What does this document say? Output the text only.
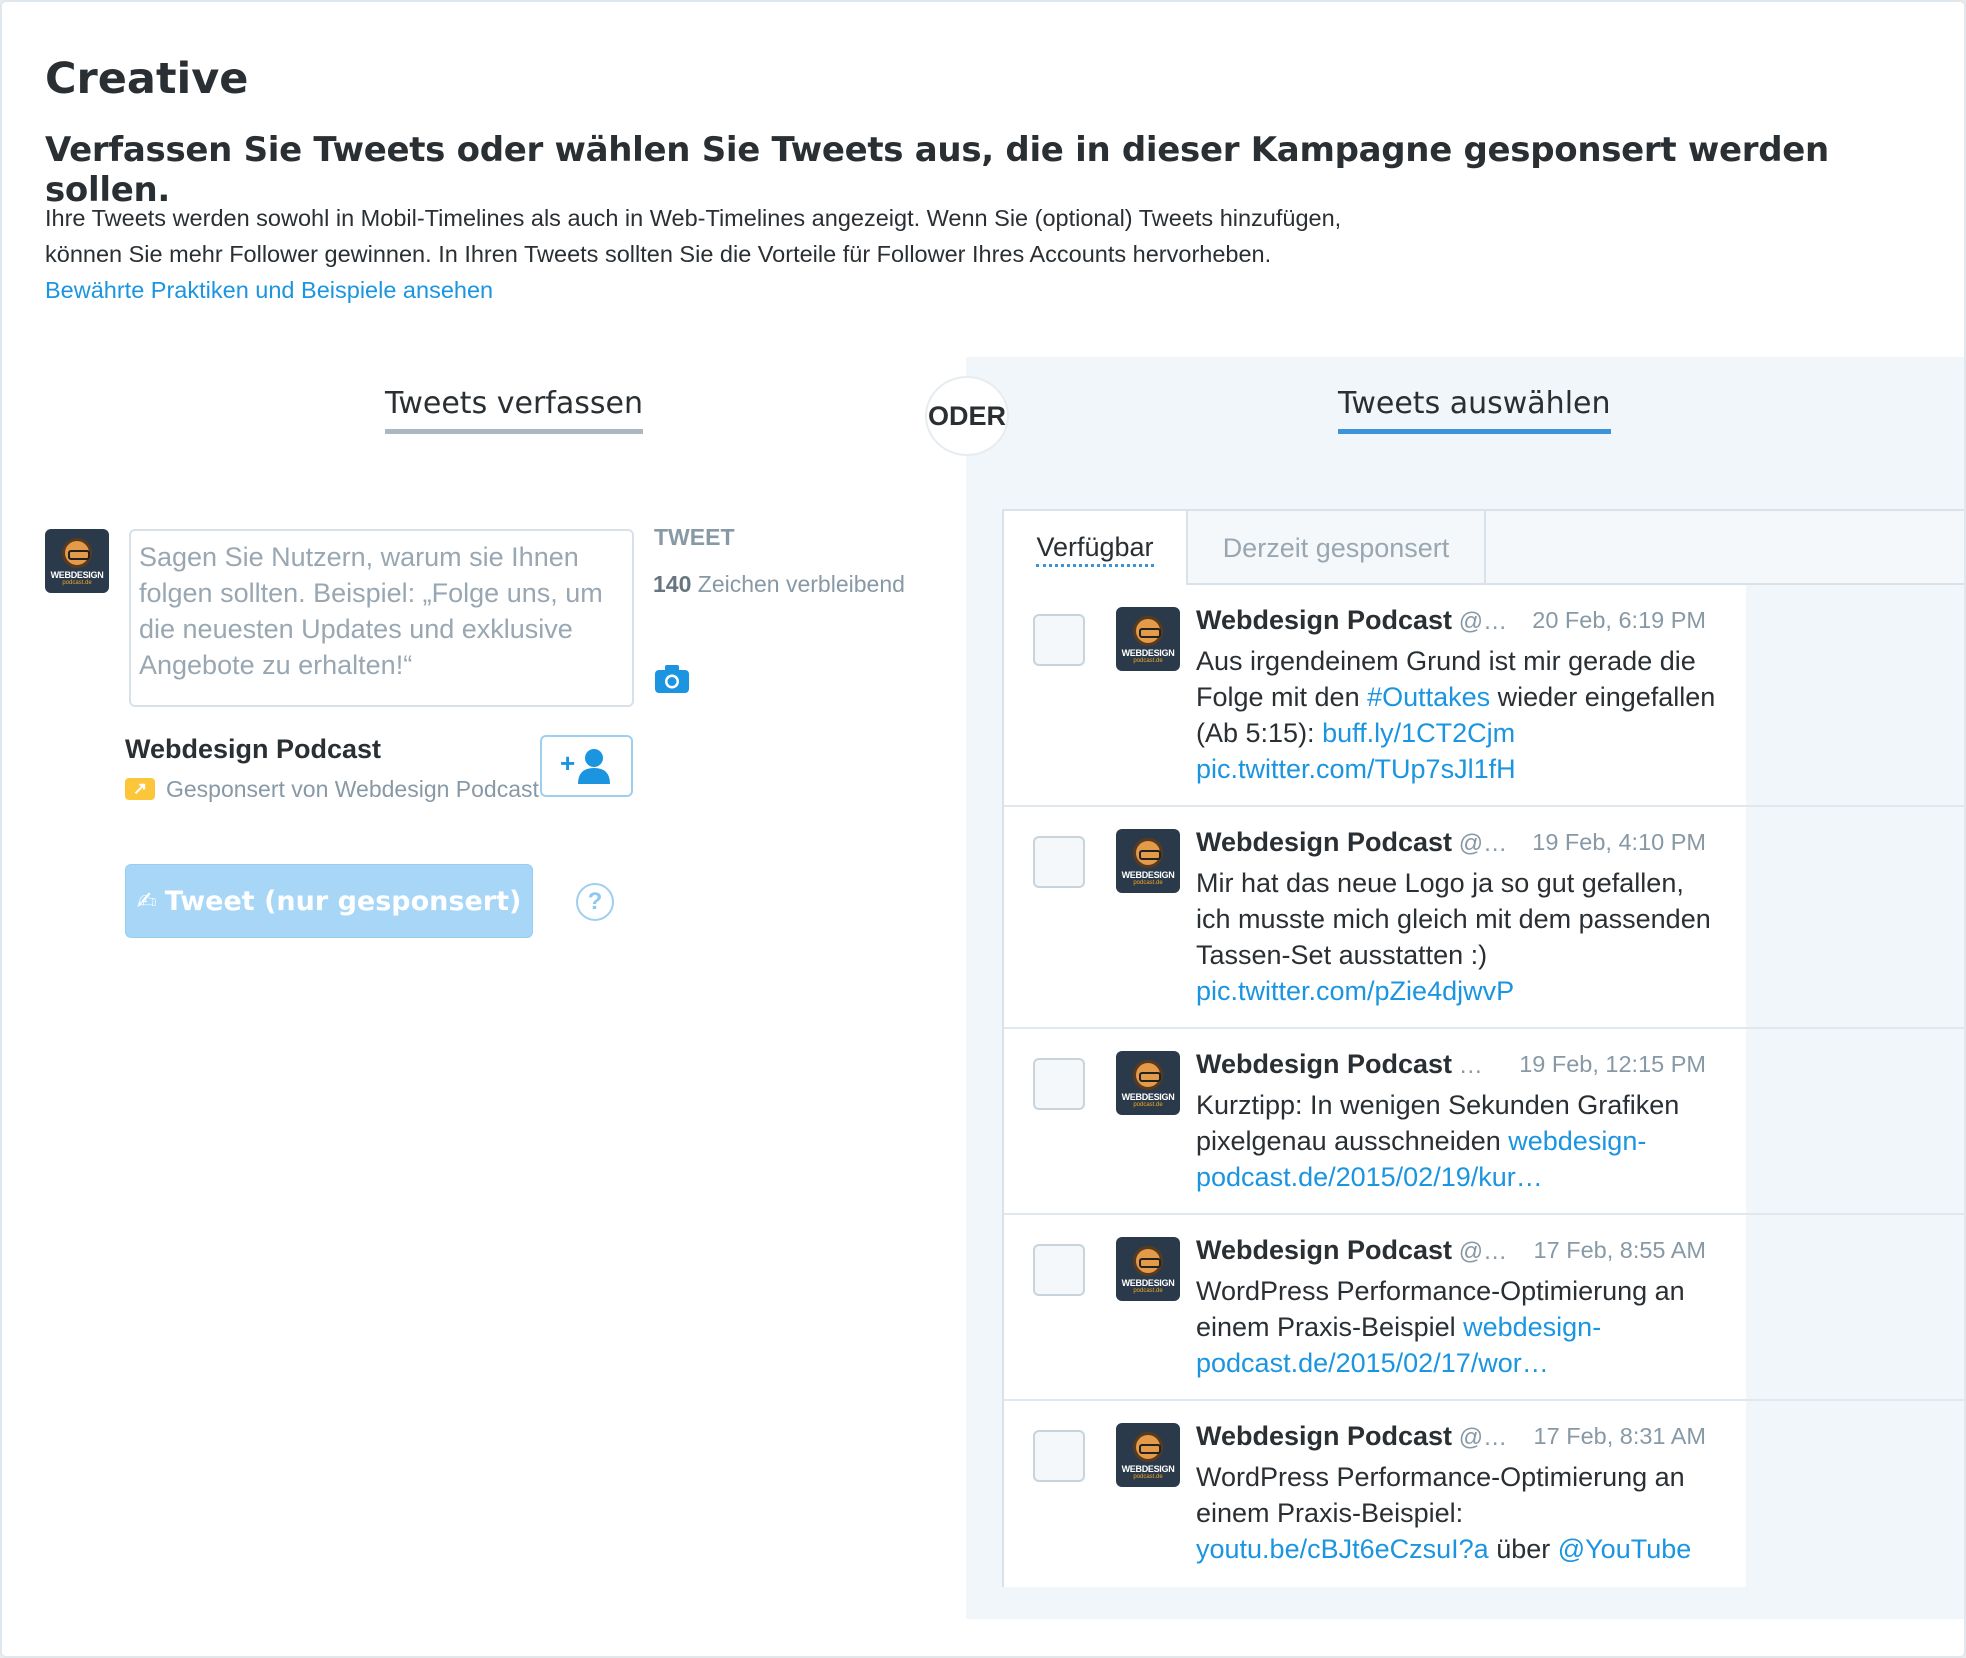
Creative
Verfassen Sie Tweets oder wählen Sie Tweets aus, die in dieser Kampagne gesponsert werden sollen.

Ihre Tweets werden sowohl in Mobil-Timelines als auch in Web-Timelines angezeigt. Wenn Sie (optional) Tweets hinzufügen, können Sie mehr Follower gewinnen. In Ihren Tweets sollten Sie die Vorteile für Follower Ihres Accounts hervorheben. Bewährte Praktiken und Beispiele ansehen

Tweets verfassen	ODER	Tweets auswählen
WEBDESIGN
podcast.de
Sagen Sie Nutzern, warum sie Ihnen folgen sollten. Beispiel: „Folge uns, um die neuesten Updates und exklusive Angebote zu erhalten!“
TWEET
140 Zeichen verbleibend
Webdesign Podcast
↗ Gesponsert von Webdesign Podcast
+
✍ Tweet (nur gesponsert)	?
Verfügbar	Derzeit gesponsert
WEBDESIGN
podcast.de
Webdesign Podcast @… 20 Feb, 6:19 PM
Aus irgendeinem Grund ist mir gerade die Folge mit den #Outtakes wieder eingefallen (Ab 5:15): buff.ly/1CT2Cjm pic.twitter.com/TUp7sJl1fH
WEBDESIGN
podcast.de
Webdesign Podcast @… 19 Feb, 4:10 PM
Mir hat das neue Logo ja so gut gefallen, ich musste mich gleich mit dem passenden Tassen-Set ausstatten :) pic.twitter.com/pZie4djwvP
WEBDESIGN
podcast.de
Webdesign Podcast … 19 Feb, 12:15 PM
Kurztipp: In wenigen Sekunden Grafiken pixelgenau ausschneiden webdesign-podcast.de/2015/02/19/kur…
WEBDESIGN
podcast.de
Webdesign Podcast @… 17 Feb, 8:55 AM
WordPress Performance-Optimierung an einem Praxis-Beispiel webdesign-podcast.de/2015/02/17/wor…
WEBDESIGN
podcast.de
Webdesign Podcast @… 17 Feb, 8:31 AM
WordPress Performance-Optimierung an einem Praxis-Beispiel: youtu.be/cBJt6eCzsuI?a über @YouTube
